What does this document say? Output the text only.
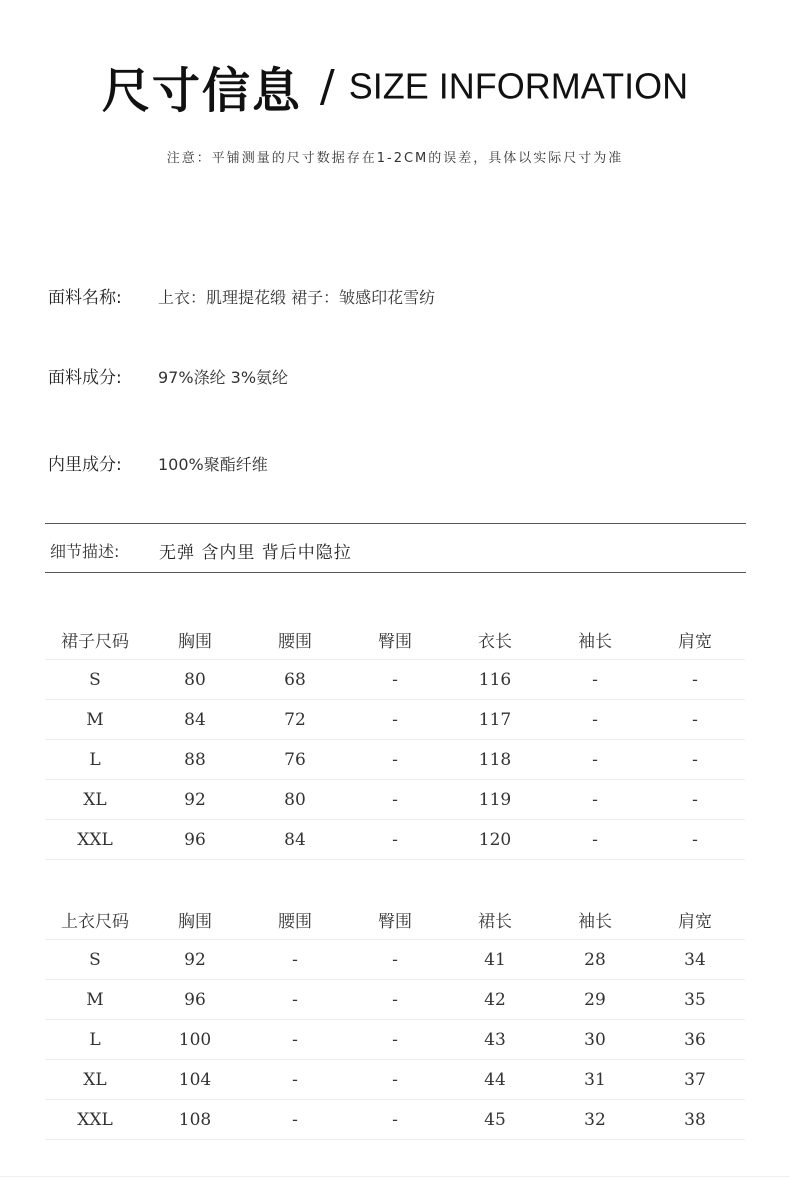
尺寸信息 / SIZE INFORMATION
注意：平铺测量的尺寸数据存在1-2CM的误差，具体以实际尺寸为准
面料名称: 上衣：肌理提花缎 裙子：皱感印花雪纺
面料成分: 97%涤纶 3%氨纶
内里成分: 100%聚酯纤维
细节描述: 无弹 含内里 背后中隐拉
裙子尺码	胸围	腰围	臀围	衣长	袖长	肩宽
S	80	68	-	116	-	-
M	84	72	-	117	-	-
L	88	76	-	118	-	-
XL	92	80	-	119	-	-
XXL	96	84	-	120	-	-
上衣尺码	胸围	腰围	臀围	裙长	袖长	肩宽
S	92	-	-	41	28	34
M	96	-	-	42	29	35
L	100	-	-	43	30	36
XL	104	-	-	44	31	37
XXL	108	-	-	45	32	38
